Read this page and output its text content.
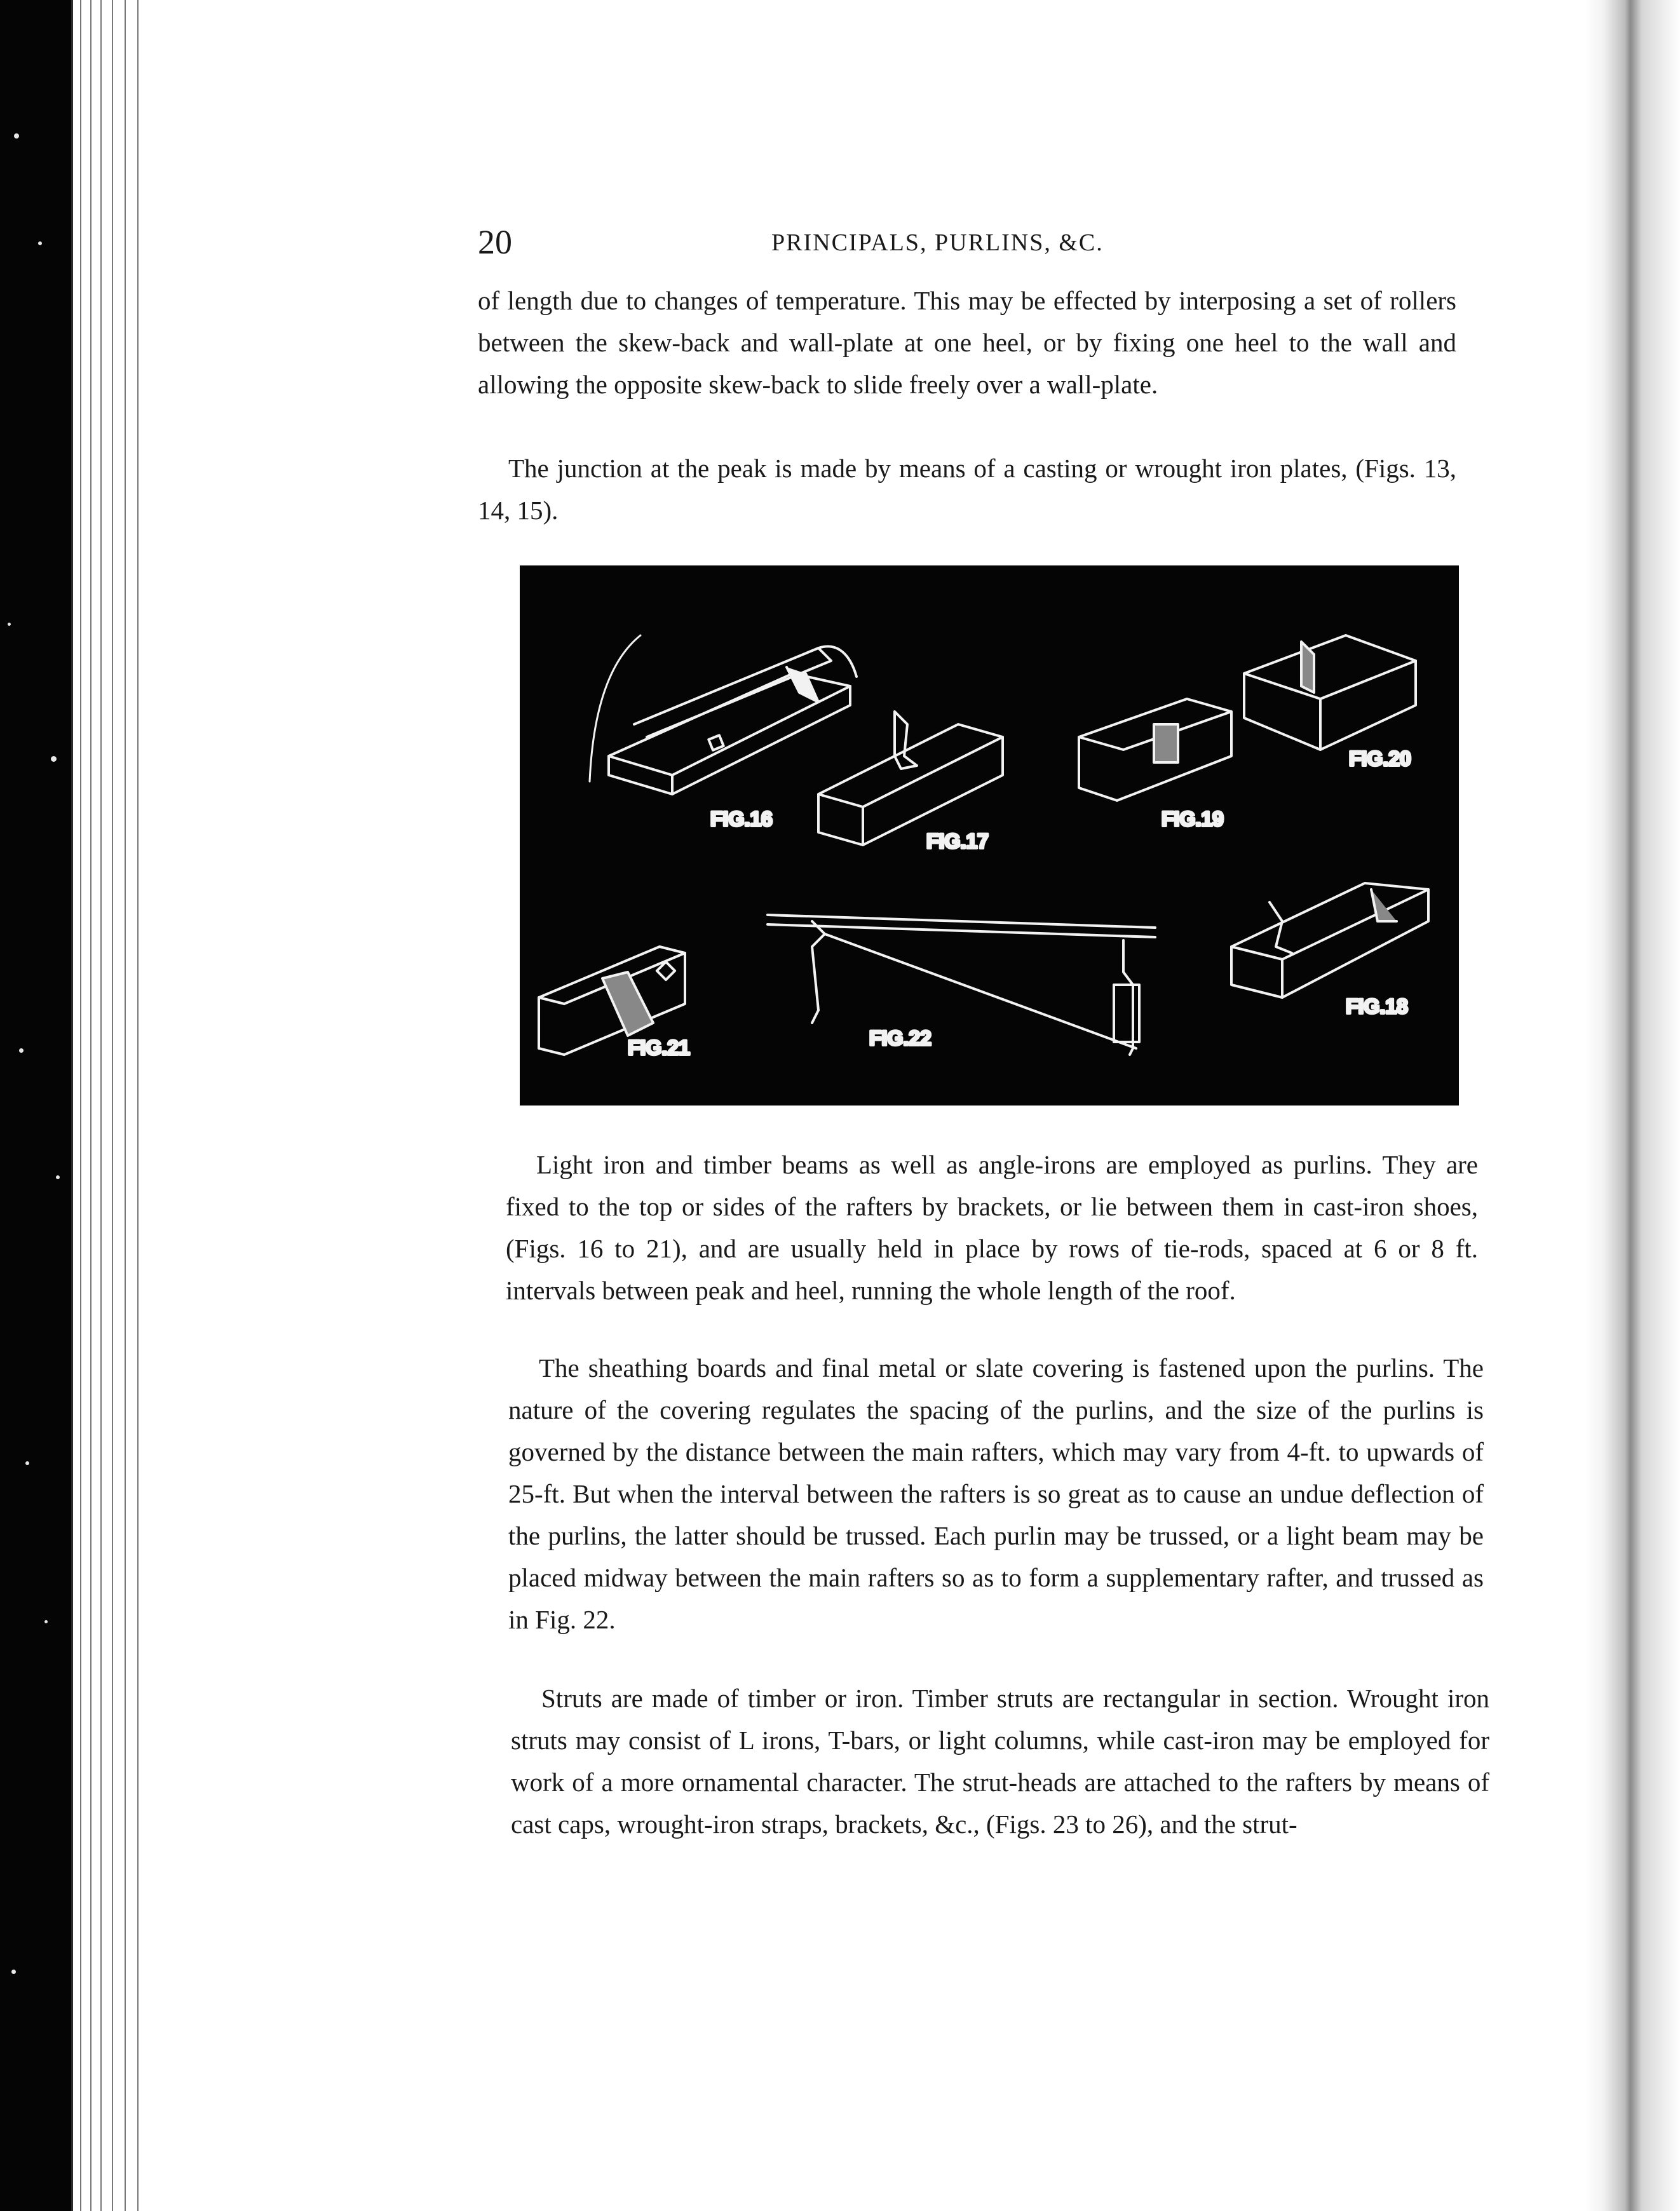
20	PRINCIPALS, PURLINS, &C.

of length due to changes of temperature. This may be effected by interposing a set of rollers between the skew-back and wall-plate at one heel, or by fixing one heel to the wall and allowing the opposite skew-back to slide freely over a wall-plate.

The junction at the peak is made by means of a casting or wrought iron plates, (Figs. 13, 14, 15).

FIG.16
FIG.17
FIG.19
FIG.20
FIG.18
FIG.21	FIG.22

Light iron and timber beams as well as angle-irons are employed as purlins. They are fixed to the top or sides of the rafters by brackets, or lie between them in cast-iron shoes, (Figs. 16 to 21), and are usually held in place by rows of tie-rods, spaced at 6 or 8 ft. intervals between peak and heel, running the whole length of the roof.

The sheathing boards and final metal or slate covering is fastened upon the purlins. The nature of the covering regulates the spacing of the purlins, and the size of the purlins is governed by the distance between the main rafters, which may vary from 4-ft. to upwards of 25-ft. But when the interval between the rafters is so great as to cause an undue deflection of the purlins, the latter should be trussed. Each purlin may be trussed, or a light beam may be placed midway between the main rafters so as to form a supplementary rafter, and trussed as in Fig. 22.

Struts are made of timber or iron. Timber struts are rectangular in section. Wrought iron struts may consist of L irons, T-bars, or light columns, while cast-iron may be employed for work of a more ornamental character. The strut-heads are attached to the rafters by means of cast caps, wrought-iron straps, brackets, &c., (Figs. 23 to 26), and the strut-
